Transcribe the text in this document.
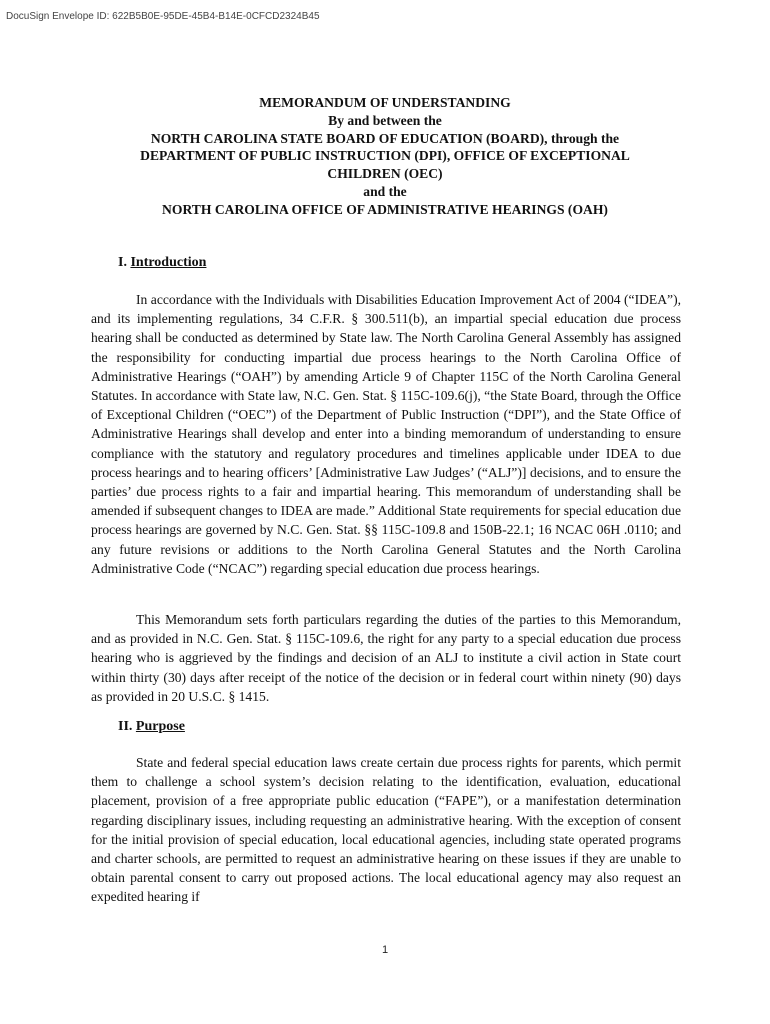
DocuSign Envelope ID: 622B5B0E-95DE-45B4-B14E-0CFCD2324B45
MEMORANDUM OF UNDERSTANDING
By and between the
NORTH CAROLINA STATE BOARD OF EDUCATION (BOARD), through the
DEPARTMENT OF PUBLIC INSTRUCTION (DPI), OFFICE OF EXCEPTIONAL
CHILDREN (OEC)
and the
NORTH CAROLINA OFFICE OF ADMINISTRATIVE HEARINGS (OAH)
I. Introduction
In accordance with the Individuals with Disabilities Education Improvement Act of 2004 (“IDEA”), and its implementing regulations, 34 C.F.R. § 300.511(b), an impartial special education due process hearing shall be conducted as determined by State law. The North Carolina General Assembly has assigned the responsibility for conducting impartial due process hearings to the North Carolina Office of Administrative Hearings (“OAH”) by amending Article 9 of Chapter 115C of the North Carolina General Statutes. In accordance with State law, N.C. Gen. Stat. § 115C-109.6(j), “the State Board, through the Office of Exceptional Children (“OEC”) of the Department of Public Instruction (“DPI”), and the State Office of Administrative Hearings shall develop and enter into a binding memorandum of understanding to ensure compliance with the statutory and regulatory procedures and timelines applicable under IDEA to due process hearings and to hearing officers’ [Administrative Law Judges’ (“ALJ”)] decisions, and to ensure the parties’ due process rights to a fair and impartial hearing. This memorandum of understanding shall be amended if subsequent changes to IDEA are made.” Additional State requirements for special education due process hearings are governed by N.C. Gen. Stat. §§ 115C-109.8 and 150B-22.1; 16 NCAC 06H .0110; and any future revisions or additions to the North Carolina General Statutes and the North Carolina Administrative Code (“NCAC”) regarding special education due process hearings.
This Memorandum sets forth particulars regarding the duties of the parties to this Memorandum, and as provided in N.C. Gen. Stat. § 115C-109.6, the right for any party to a special education due process hearing who is aggrieved by the findings and decision of an ALJ to institute a civil action in State court within thirty (30) days after receipt of the notice of the decision or in federal court within ninety (90) days as provided in 20 U.S.C. § 1415.
II. Purpose
State and federal special education laws create certain due process rights for parents, which permit them to challenge a school system’s decision relating to the identification, evaluation, educational placement, provision of a free appropriate public education (“FAPE”), or a manifestation determination regarding disciplinary issues, including requesting an administrative hearing. With the exception of consent for the initial provision of special education, local educational agencies, including state operated programs and charter schools, are permitted to request an administrative hearing on these issues if they are unable to obtain parental consent to carry out proposed actions. The local educational agency may also request an expedited hearing if
1
